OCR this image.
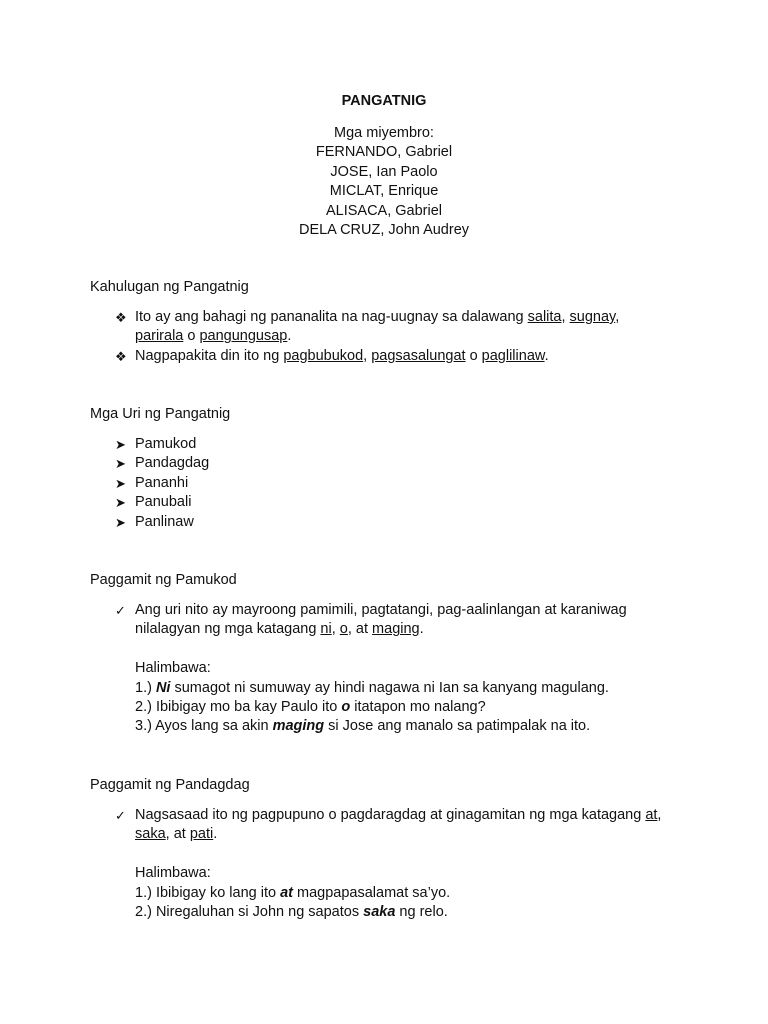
PANGATNIG
Mga miyembro:
FERNANDO, Gabriel
JOSE, Ian Paolo
MICLAT, Enrique
ALISACA, Gabriel
DELA CRUZ, John Audrey
Kahulugan ng Pangatnig
❖ Ito ay ang bahagi ng pananalita na nag-uugnay sa dalawang salita, sugnay,
parirala o pangungusap.
❖ Nagpapakita din ito ng pagbubukod, pagsasalungat o paglilinaw.
Mga Uri ng Pangatnig
➤ Pamukod
➤ Pandagdag
➤ Pananhi
➤ Panubali
➤ Panlinaw
Paggamit ng Pamukod
✓ Ang uri nito ay mayroong pamimili, pagtatangi, pag-aalinlangan at karaniwag nilalagyan ng mga katagang ni, o, at maging.
Halimbawa:
1.) Ni sumagot ni sumuway ay hindi nagawa ni Ian sa kanyang magulang.
2.) Ibibigay mo ba kay Paulo ito o itatapon mo nalang?
3.) Ayos lang sa akin maging si Jose ang manalo sa patimpalak na ito.
Paggamit ng Pandagdag
✓ Nagsasaad ito ng pagpupuno o pagdaragdag at ginagamitan ng mga katagang at, saka, at pati.
Halimbawa:
1.) Ibibigay ko lang ito at magpapasalamat sa’yo.
2.) Niregaluhan si John ng sapatos saka ng relo.
